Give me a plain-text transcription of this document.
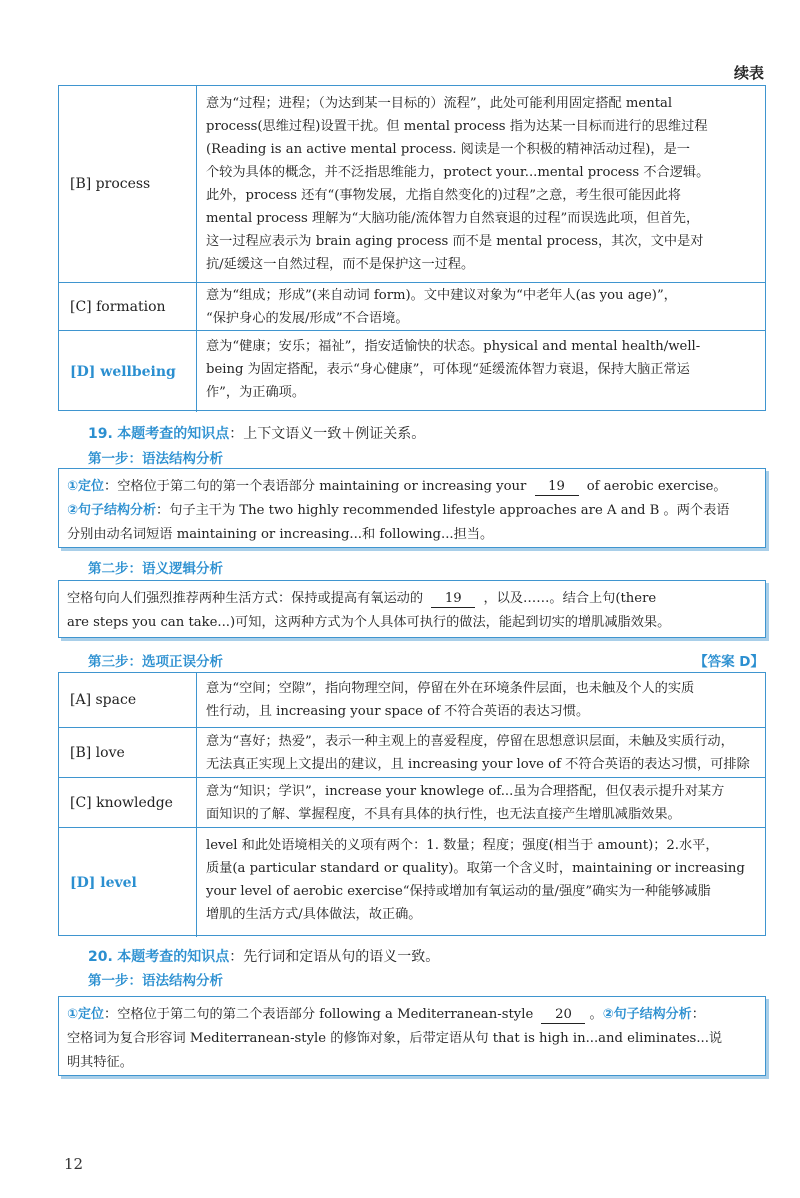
续表
[B] process
意为“过程；进程；（为达到某一目标的）流程”，此处可能利用固定搭配 mental
process(思维过程)设置干扰。但 mental process 指为达某一目标而进行的思维过程
(Reading is an active mental process. 阅读是一个积极的精神活动过程)，是一
个较为具体的概念，并不泛指思维能力，protect your...mental process 不合逻辑。
此外，process 还有“(事物发展，尤指自然变化的)过程”之意，考生很可能因此将
mental process 理解为“大脑功能/流体智力自然衰退的过程”而误选此项，但首先，
这一过程应表示为 brain aging process 而不是 mental process，其次，文中是对
抗/延缓这一自然过程，而不是保护这一过程。
[C] formation
意为“组成；形成”(来自动词 form)。文中建议对象为“中老年人(as you age)”，
“保护身心的发展/形成”不合语境。
[D] wellbeing
意为“健康；安乐；福祉”，指安适愉快的状态。physical and mental health/well-
being 为固定搭配，表示“身心健康”，可体现“延缓流体智力衰退，保持大脑正常运
作”，为正确项。
19. 本题考查的知识点：上下文语义一致＋例证关系。
第一步：语法结构分析
①定位：空格位于第二句的第一个表语部分 maintaining or increasing your 19 of aerobic exercise。
②句子结构分析：句子主干为 The two highly recommended lifestyle approaches are A and B 。两个表语
分别由动名词短语 maintaining or increasing...和 following...担当。
第二步：语义逻辑分析
空格句向人们强烈推荐两种生活方式：保持或提高有氧运动的 19 ，以及……。结合上句(there
are steps you can take...)可知，这两种方式为个人具体可执行的做法，能起到切实的增肌减脂效果。
第三步：选项正误分析	【答案 D】
[A] space
意为“空间；空隙”，指向物理空间，停留在外在环境条件层面，也未触及个人的实质
性行动，且 increasing your space of 不符合英语的表达习惯。
[B] love
意为“喜好；热爱”，表示一种主观上的喜爱程度，停留在思想意识层面，未触及实质行动，
无法真正实现上文提出的建议，且 increasing your love of 不符合英语的表达习惯，可排除
[C] knowledge
意为“知识；学识”，increase your knowlege of...虽为合理搭配，但仅表示提升对某方
面知识的了解、掌握程度，不具有具体的执行性，也无法直接产生增肌减脂效果。
[D] level
level 和此处语境相关的义项有两个：1. 数量；程度；强度(相当于 amount)；2.水平，
质量(a particular standard or quality)。取第一个含义时，maintaining or increasing
your level of aerobic exercise“保持或增加有氧运动的量/强度”确实为一种能够减脂
增肌的生活方式/具体做法，故正确。
20. 本题考查的知识点：先行词和定语从句的语义一致。
第一步：语法结构分析
①定位：空格位于第二句的第二个表语部分 following a Mediterranean-style 20 。②句子结构分析：
空格词为复合形容词 Mediterranean-style 的修饰对象，后带定语从句 that is high in...and eliminates...说
明其特征。
12
